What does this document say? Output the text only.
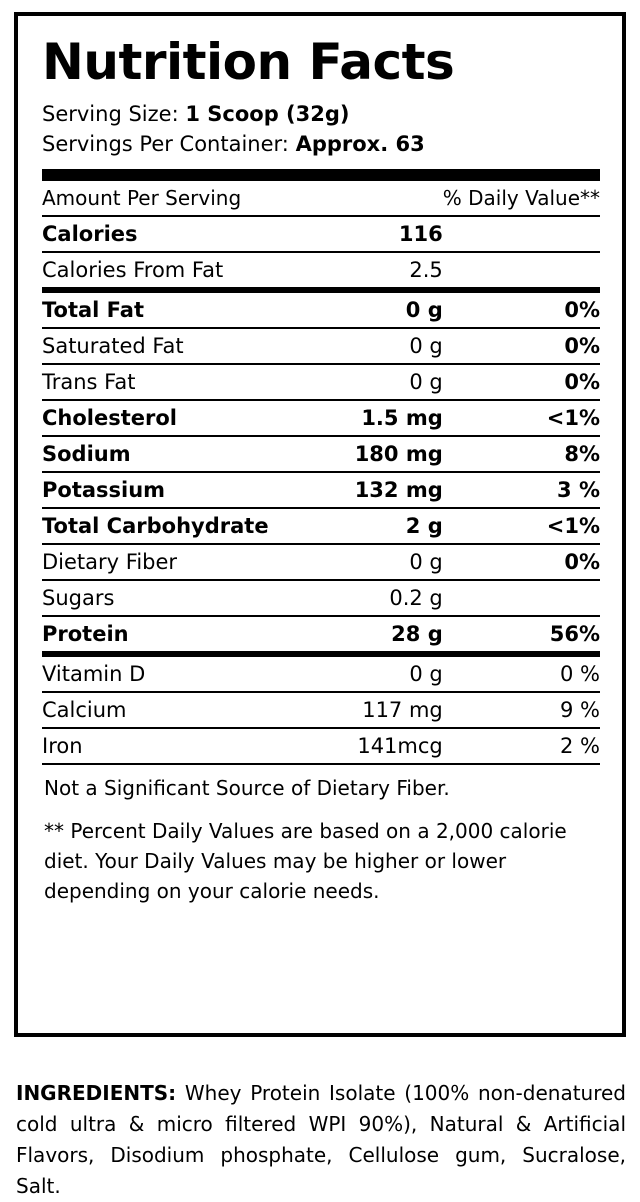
Nutrition Facts
Serving Size: 1 Scoop (32g)
Servings Per Container: Approx. 63
Amount Per Serving		% Daily Value**
Calories	116	
Calories From Fat	2.5	
Total Fat	0 g	0%
Saturated Fat	0 g	0%
Trans Fat	0 g	0%
Cholesterol	1.5 mg	<1%
Sodium	180 mg	8%
Potassium	132 mg	3 %
Total Carbohydrate	2 g	<1%
Dietary Fiber	0 g	0%
Sugars	0.2 g	
Protein	28 g	56%
Vitamin D	0 g	0 %
Calcium	117 mg	9 %
Iron	141mcg	2 %
Not a Significant Source of Dietary Fiber.
** Percent Daily Values are based on a 2,000 calorie diet. Your Daily Values may be higher or lower depending on your calorie needs.
INGREDIENTS: Whey Protein Isolate (100% non-denatured cold ultra & micro filtered WPI 90%), Natural & Artificial Flavors, Disodium phosphate, Cellulose gum, Sucralose, Salt.
